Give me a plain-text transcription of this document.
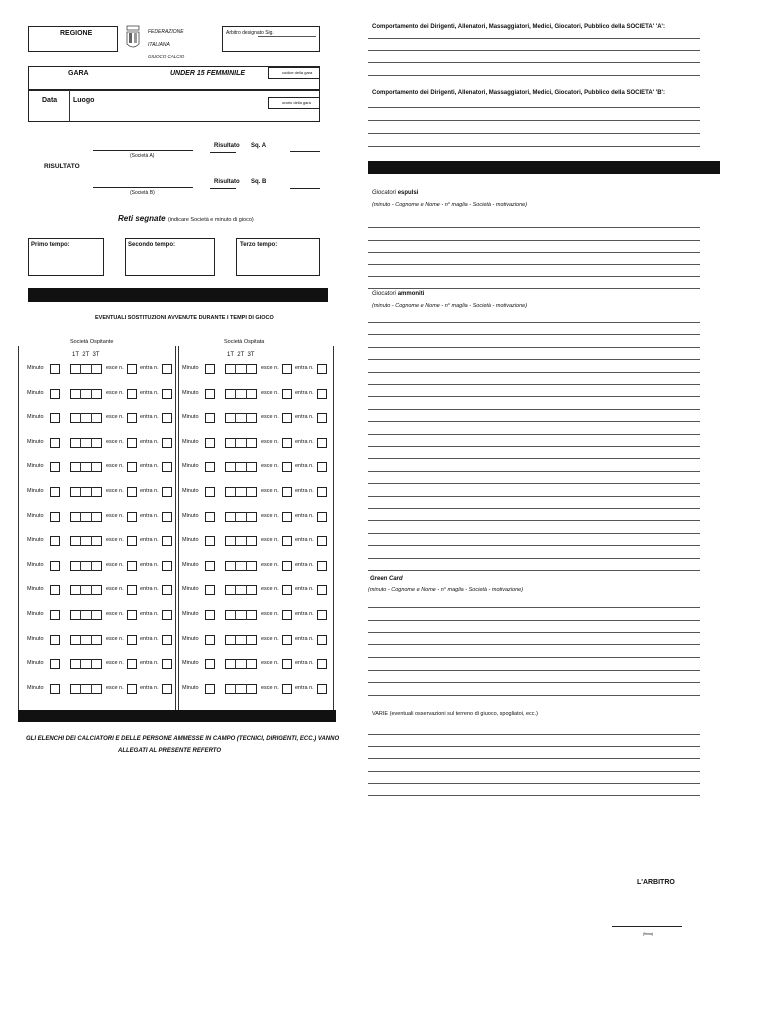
REGIONE	FEDERAZIONE
ITALIANA
GIUOCO CALCIO
Arbitro designato Sig.
GARA	UNDER 15 FEMMINILE	codice della gara
Data Luogo	orario della gara
(Società A)
Risultato Sq. A
RISULTATO
(Società B)
Risultato Sq. B
Reti segnate (indicare Società e minuto di gioco)
Primo tempo:	Secondo tempo:	Terzo tempo:
EVENTUALI SOSTITUZIONI AVVENUTE DURANTE I TEMPI DI GIOCO
Società Ospitante	Società Ospitata
1T  2T  3T	1T  2T  3T
Minuto	esce n.	entra n.	Minuto	esce n.	entra n.
Minuto	esce n.	entra n.	Minuto	esce n.	entra n.
Minuto	esce n.	entra n.	Minuto	esce n.	entra n.
Minuto	esce n.	entra n.	Minuto	esce n.	entra n.
Minuto	esce n.	entra n.	Minuto	esce n.	entra n.
Minuto	esce n.	entra n.	Minuto	esce n.	entra n.
Minuto	esce n.	entra n.	Minuto	esce n.	entra n.
Minuto	esce n.	entra n.	Minuto	esce n.	entra n.
Minuto	esce n.	entra n.	Minuto	esce n.	entra n.
Minuto	esce n.	entra n.	Minuto	esce n.	entra n.
Minuto	esce n.	entra n.	Minuto	esce n.	entra n.
Minuto	esce n.	entra n.	Minuto	esce n.	entra n.
Minuto	esce n.	entra n.	Minuto	esce n.	entra n.
Minuto	esce n.	entra n.	Minuto	esce n.	entra n.
GLI ELENCHI DEI CALCIATORI E DELLE PERSONE AMMESSE IN CAMPO (TECNICI, DIRIGENTI, ECC.) VANNO
ALLEGATI AL PRESENTE REFERTO
Comportamento dei Dirigenti, Allenatori, Massaggiatori, Medici, Giocatori, Pubblico della SOCIETA' 'A':
Comportamento dei Dirigenti, Allenatori, Massaggiatori, Medici, Giocatori, Pubblico della SOCIETA' 'B':
Giocatori espulsi
(minuto - Cognome e Nome - n° maglia - Società - motivazione)
Giocatori ammoniti
(minuto - Cognome e Nome - n° maglia - Società - motivazione)
Green Card
(minuto - Cognome e Nome - n° maglia - Società - motivazione)
VARIE (eventuali osservazioni sul terreno di giuoco, spogliatoi, ecc.)
L'ARBITRO
(firma)
